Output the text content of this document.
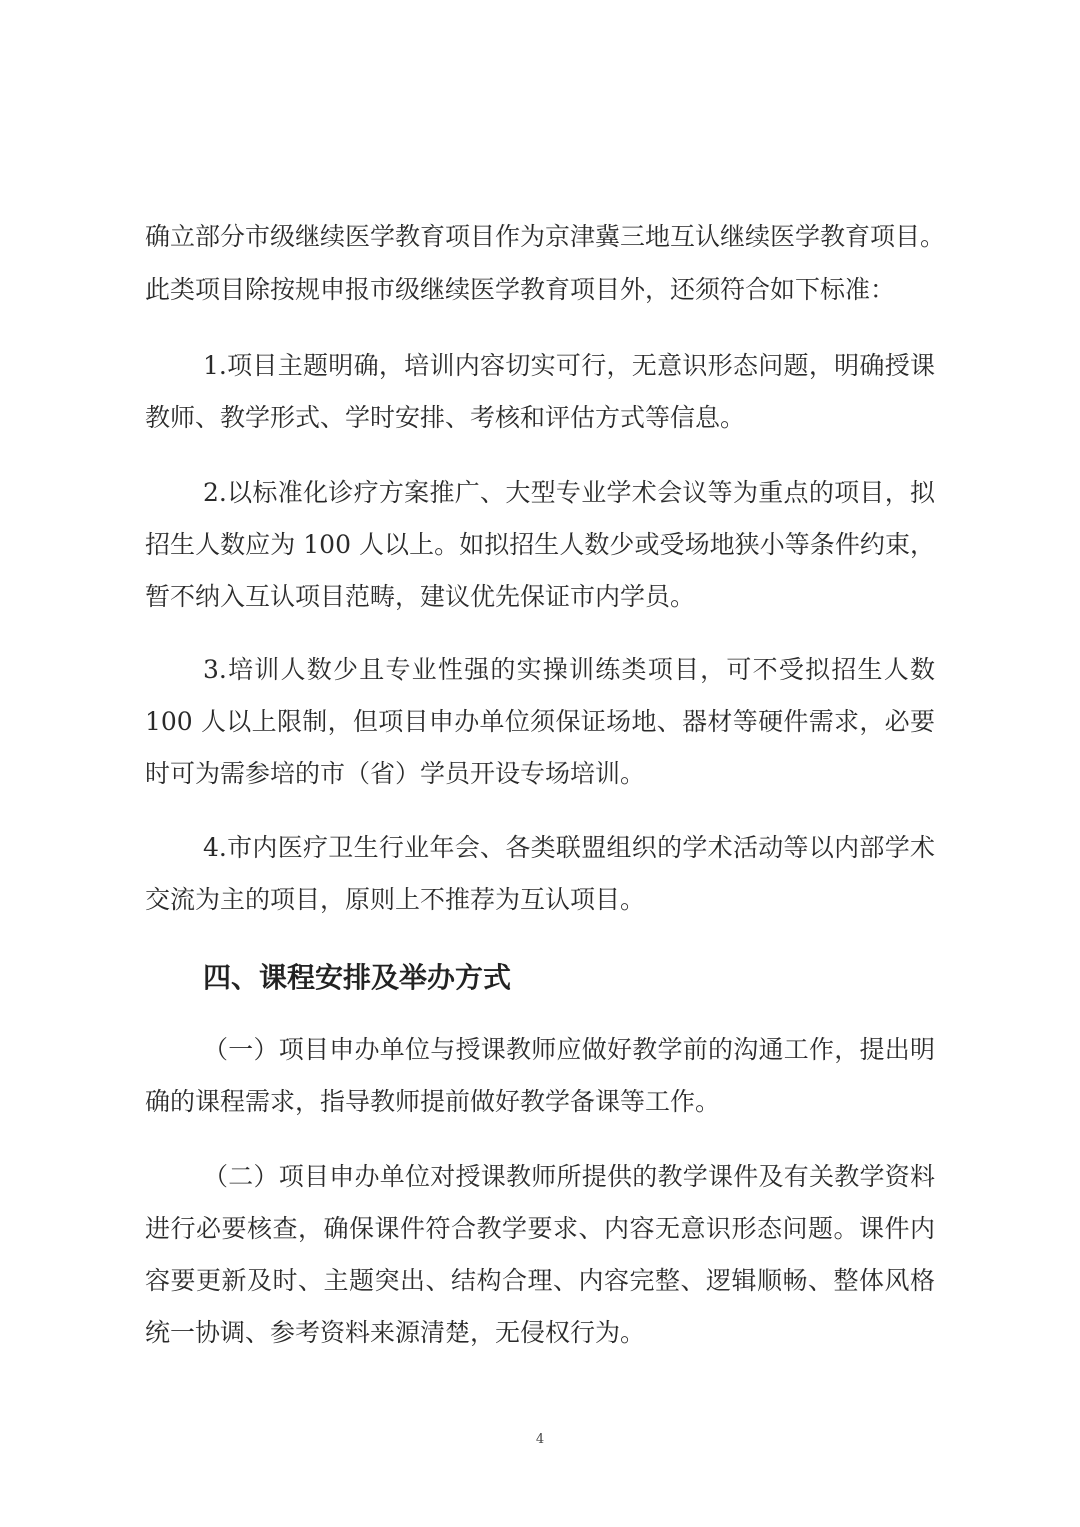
确立部分市级继续医学教育项目作为京津冀三地互认继续医学教育项目。
此类项目除按规申报市级继续医学教育项目外，还须符合如下标准：
1.项目主题明确，培训内容切实可行，无意识形态问题，明确授课
教师、教学形式、学时安排、考核和评估方式等信息。
2.以标准化诊疗方案推广、大型专业学术会议等为重点的项目，拟
招生人数应为 100 人以上。如拟招生人数少或受场地狭小等条件约束，
暂不纳入互认项目范畴，建议优先保证市内学员。
3.培训人数少且专业性强的实操训练类项目，可不受拟招生人数
100 人以上限制，但项目申办单位须保证场地、器材等硬件需求，必要
时可为需参培的市（省）学员开设专场培训。
4.市内医疗卫生行业年会、各类联盟组织的学术活动等以内部学术
交流为主的项目，原则上不推荐为互认项目。
四、课程安排及举办方式
（一）项目申办单位与授课教师应做好教学前的沟通工作，提出明
确的课程需求，指导教师提前做好教学备课等工作。
（二）项目申办单位对授课教师所提供的教学课件及有关教学资料
进行必要核查，确保课件符合教学要求、内容无意识形态问题。课件内
容要更新及时、主题突出、结构合理、内容完整、逻辑顺畅、整体风格
统一协调、参考资料来源清楚，无侵权行为。
4
